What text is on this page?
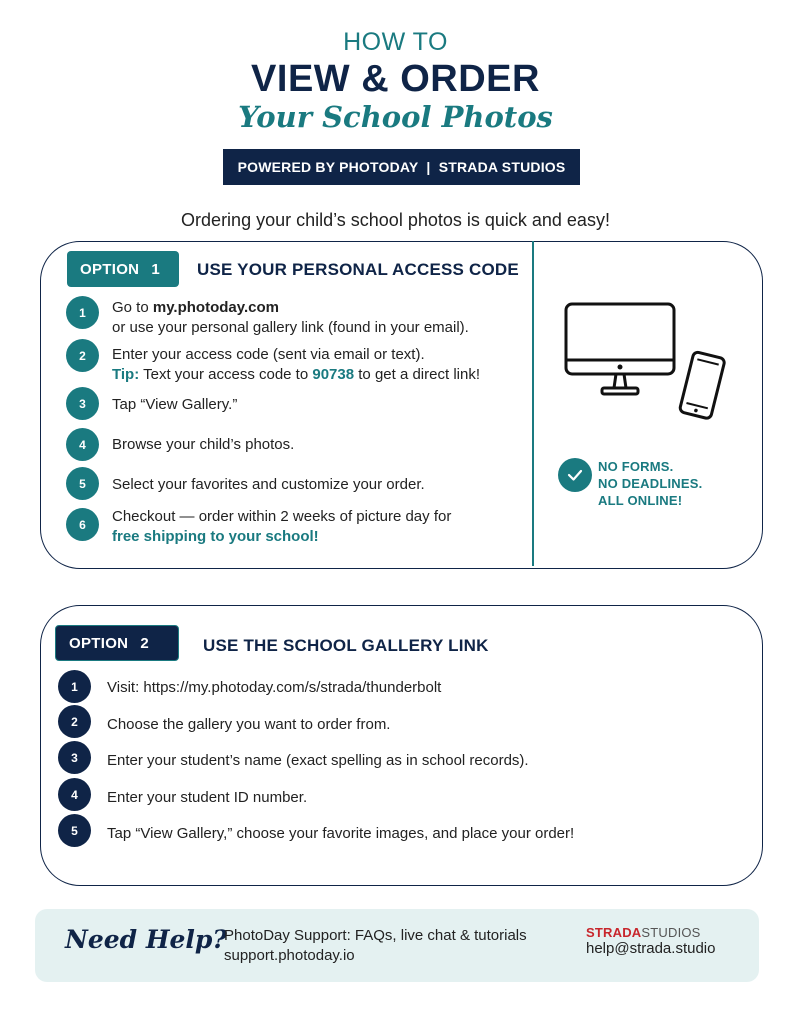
HOW TO
VIEW & ORDER
Your School Photos
POWERED BY PHOTODAY  |  STRADA STUDIOS
Ordering your child’s school photos is quick and easy!
OPTION 1 USE YOUR PERSONAL ACCESS CODE
1	Go to my.photoday.com
or use your personal gallery link (found in your email).
2	Enter your access code (sent via email or text).
Tip: Text your access code to 90738 to get a direct link!
3	Tap “View Gallery.”
4	Browse your child’s photos.
5	Select your favorites and customize your order.
6	Checkout — order within 2 weeks of picture day for
free shipping to your school!
NO FORMS.
NO DEADLINES.
ALL ONLINE!
OPTION 2	USE THE SCHOOL GALLERY LINK
1	Visit: https://my.photoday.com/s/strada/thunderbolt
2	Choose the gallery you want to order from.
3	Enter your student’s name (exact spelling as in school records).
4	Enter your student ID number.
5	Tap “View Gallery,” choose your favorite images, and place your order!
Need Help?
PhotoDay Support: FAQs, live chat & tutorials
support.photoday.io
STRADASTUDIOS
help@strada.studio
